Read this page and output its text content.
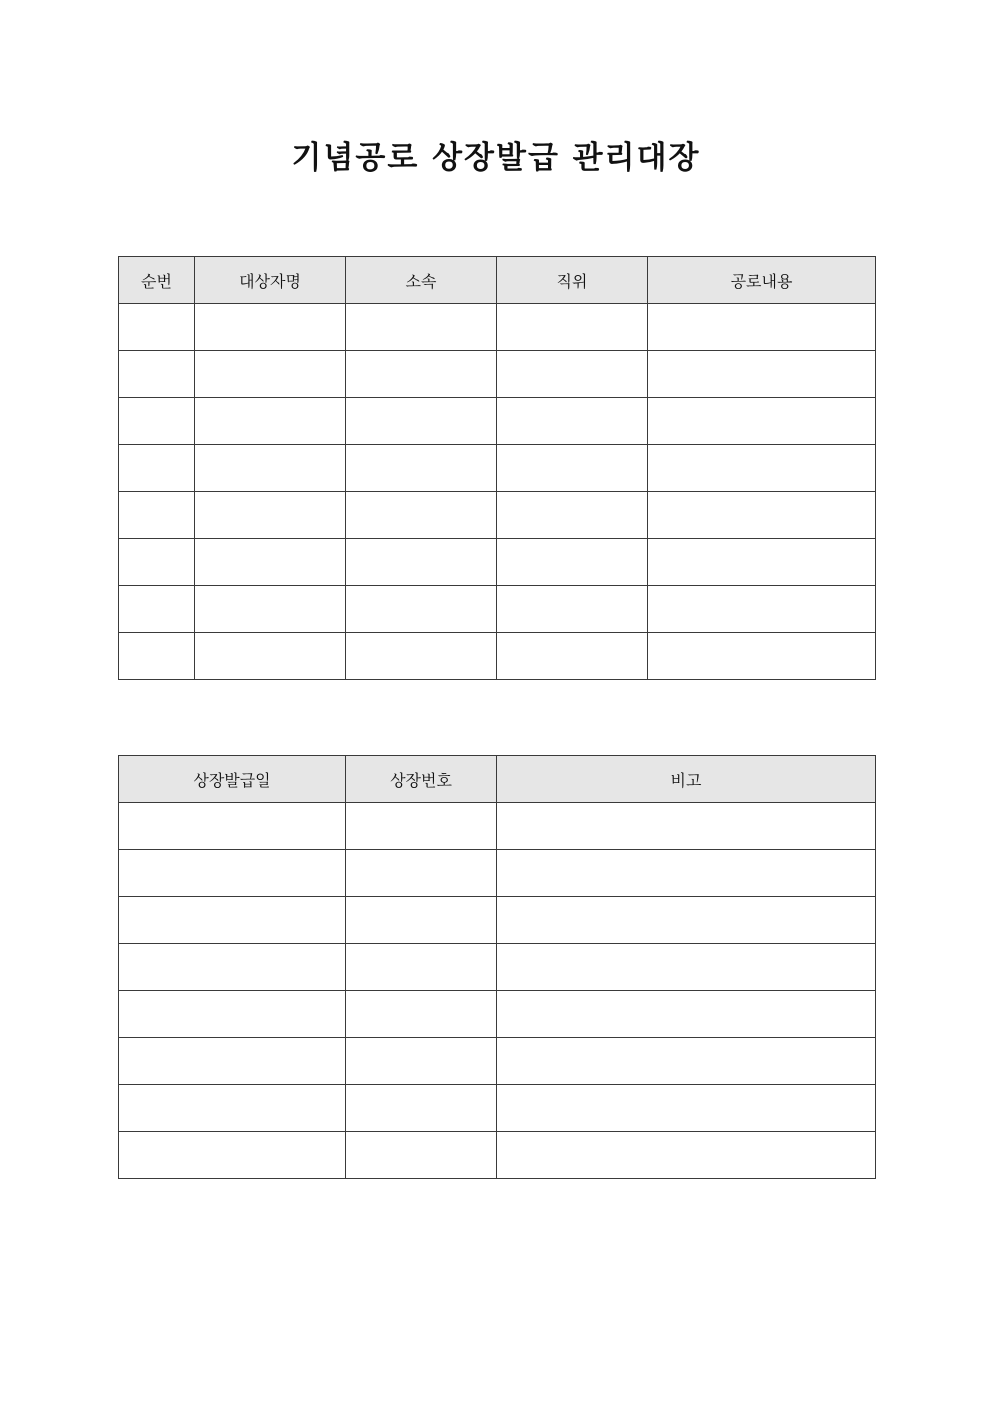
기념공로 상장발급 관리대장
순번	대상자명	소속	직위	공로내용

상장발급일	상장번호	비고
